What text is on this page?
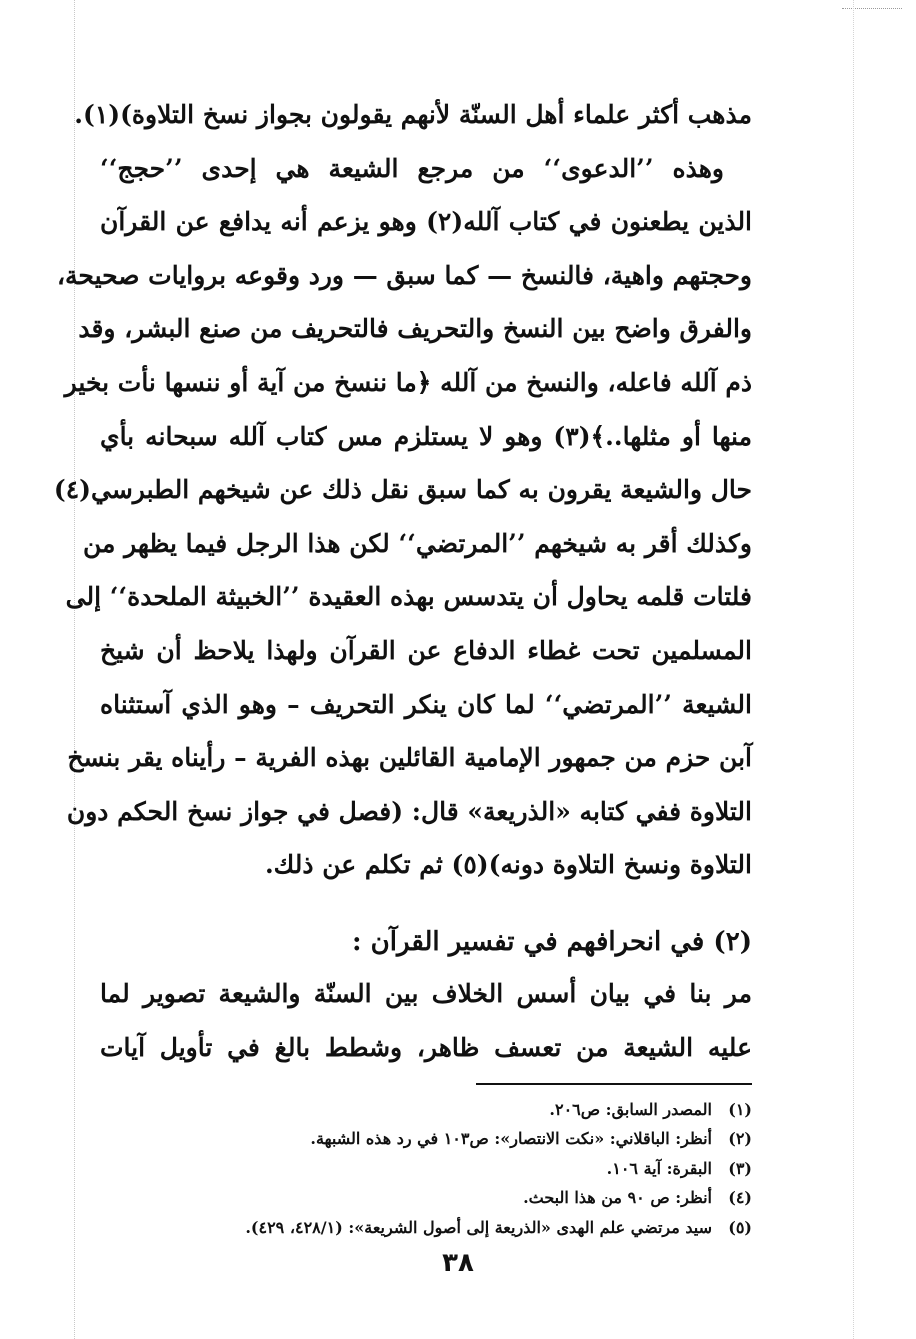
مذهب أكثر علماء أهل السنّة لأنهم يقولون بجواز نسخ التلاوة)(١).
وهذه ’’الدعوى‘‘ من مرجع الشيعة هي إحدى ’’حجج‘‘
الذين يطعنون في كتاب آلله(٢) وهو يزعم أنه يدافع عن القرآن
وحجتهم واهية، فالنسخ — كما سبق — ورد وقوعه بروايات صحيحة،
والفرق واضح بين النسخ والتحريف فالتحريف من صنع البشر، وقد
ذم آلله فاعله، والنسخ من آلله ﴿ما ننسخ من آية أو ننسها نأت بخير
منها أو مثلها..﴾(٣) وهو لا يستلزم مس كتاب آلله سبحانه بأي
حال والشيعة يقرون به كما سبق نقل ذلك عن شيخهم الطبرسي(٤)
وكذلك أقر به شيخهم ’’المرتضي‘‘ لكن هذا الرجل فيما يظهر من
فلتات قلمه يحاول أن يتدسس بهذه العقيدة ’’الخبيثة الملحدة‘‘ إلى
المسلمين تحت غطاء الدفاع عن القرآن ولهذا يلاحظ أن شيخ
الشيعة ’’المرتضي‘‘ لما كان ينكر التحريف – وهو الذي آستثناه
آبن حزم من جمهور الإمامية القائلين بهذه الفرية – رأيناه يقر بنسخ
التلاوة ففي كتابه «الذريعة» قال: (فصل في جواز نسخ الحكم دون
التلاوة ونسخ التلاوة دونه)(٥) ثم تكلم عن ذلك.
(٢) في انحرافهم في تفسير القرآن :
مر بنا في بيان أسس الخلاف بين السنّة والشيعة تصوير لما
عليه الشيعة من تعسف ظاهر، وشطط بالغ في تأويل آيات
(١)المصدر السابق: ص٢٠٦.
(٢)أنظر: الباقلاني: «نكت الانتصار»: ص١٠٣ في رد هذه الشبهة.
(٣)البقرة: آية ١٠٦.
(٤)أنظر: ص ٩٠ من هذا البحث.
(٥)سيد مرتضي علم الهدى «الذريعة إلى أصول الشريعة»: (٤٢٨/١، ٤٢٩).
٣٨
